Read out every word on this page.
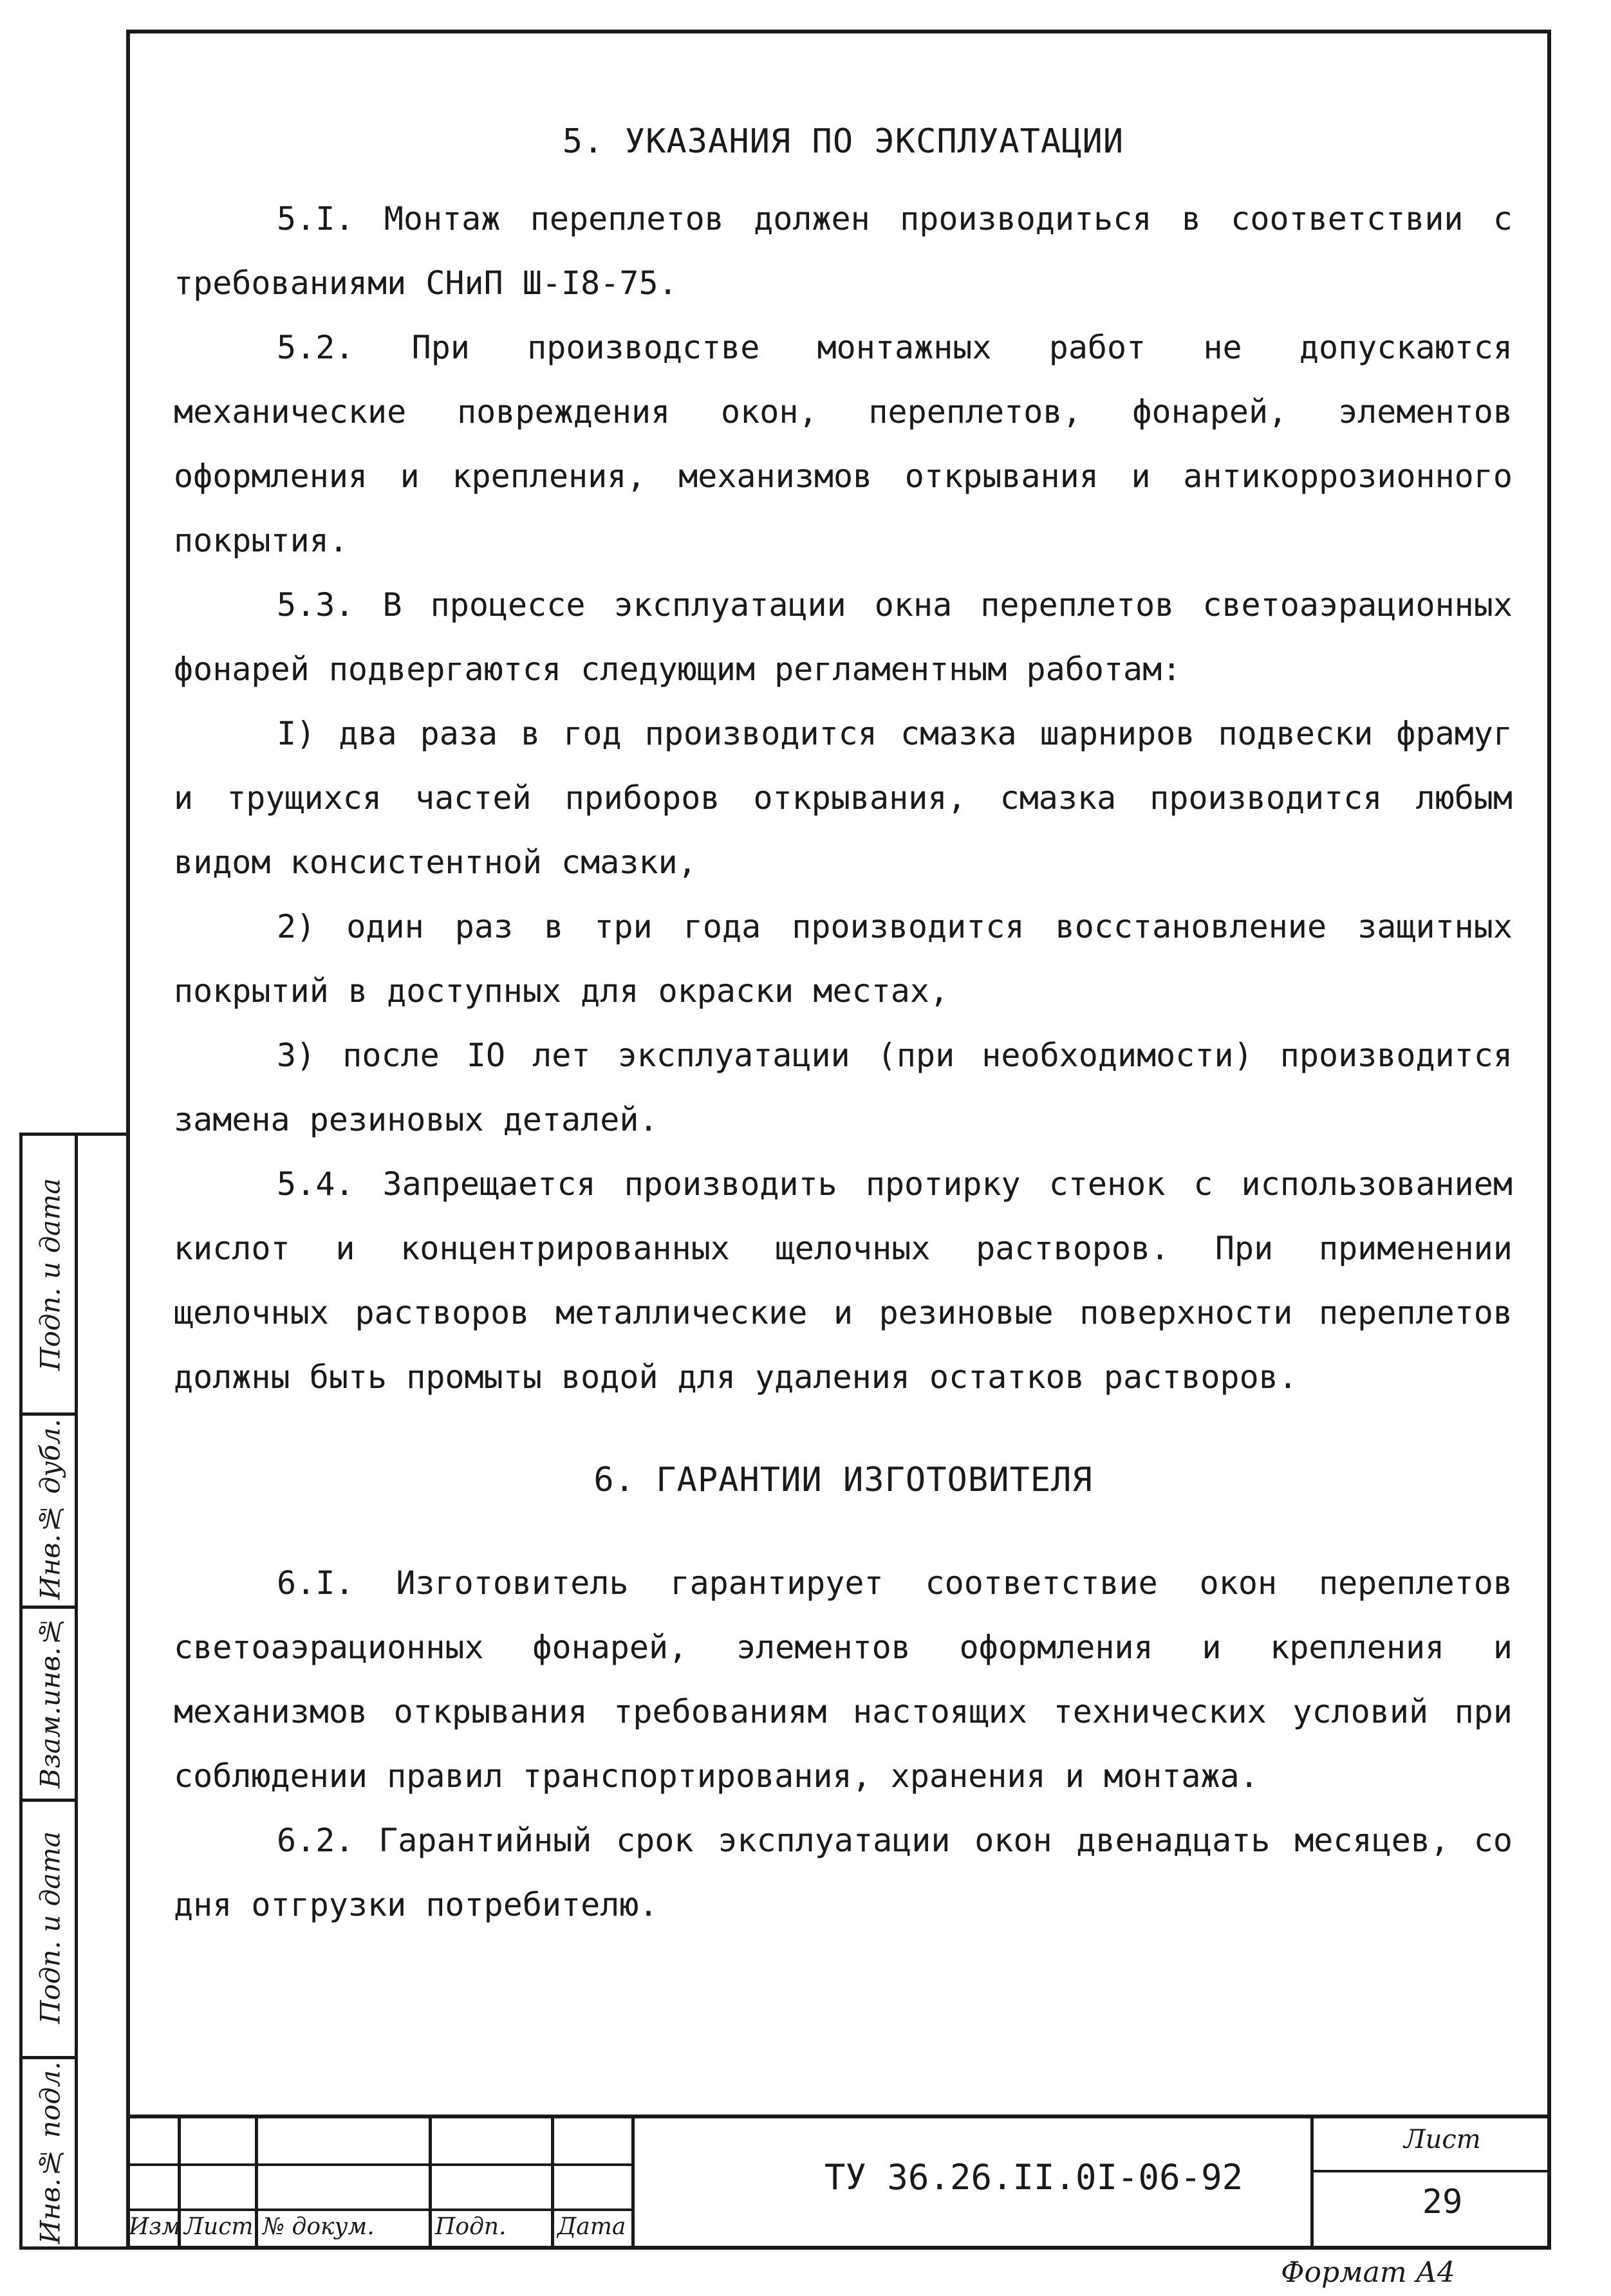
5. УКАЗАНИЯ ПО ЭКСПЛУАТАЦИИ

5.I. Монтаж переплетов должен производиться в соответствии с требованиями СНиП Ш-I8-75.

5.2. При производстве монтажных работ не допускаются механические повреждения окон, переплетов, фонарей, элементов оформления и крепления, механизмов открывания и антикоррозионного покрытия.

5.3. В процессе эксплуатации окна переплетов светоаэрационных фонарей подвергаются следующим регламентным работам:

I) два раза в год производится смазка шарниров подвески фрамуг и трущихся частей приборов открывания, смазка производится любым видом консистентной смазки,

2) один раз в три года производится восстановление защитных покрытий в доступных для окраски местах,

3) после IO лет эксплуатации (при необходимости) производится замена резиновых деталей.

5.4. Запрещается производить протирку стенок с использованием кислот и концентрированных щелочных растворов. При применении щелочных растворов металлические и резиновые поверхности переплетов должны быть промыты водой для удаления остатков растворов.

6. ГАРАНТИИ ИЗГОТОВИТЕЛЯ

6.I. Изготовитель гарантирует соответствие окон переплетов светоаэрационных фонарей, элементов оформления и крепления и механизмов открывания требованиям настоящих технических условий при соблюдении правил транспортирования, хранения и монтажа.

6.2. Гарантийный срок эксплуатации окон двенадцать месяцев, со дня отгрузки потребителю.

Подп. и дата
Инв.№ дубл.
Взам.инв.№
Подп. и дата
Инв.№ подл.	Изм Лист № докум.	Подп. Дата
ТУ 36.26.II.0I-06-92
Лист
29
Формат А4
